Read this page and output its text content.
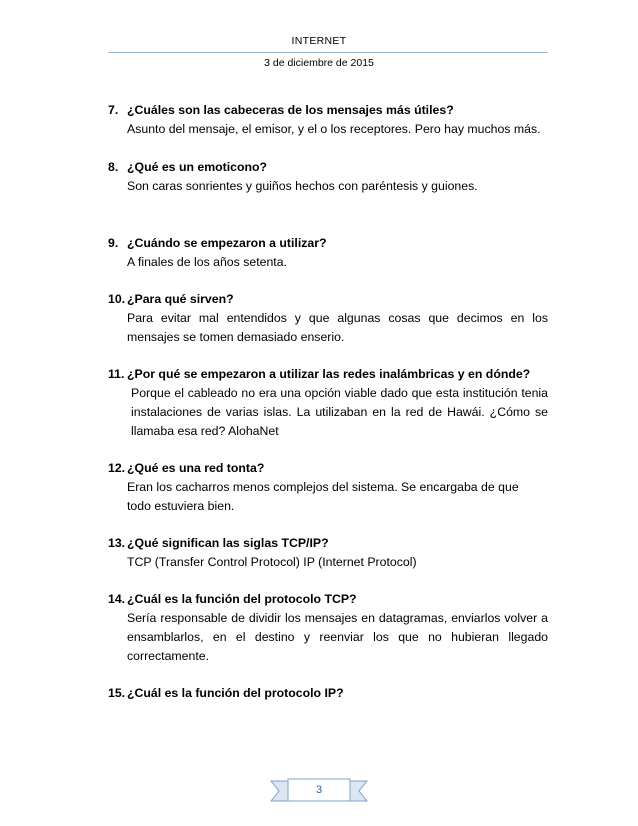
INTERNET
3 de diciembre de 2015
7. ¿Cuáles son las cabeceras de los mensajes más útiles?
Asunto del mensaje, el emisor, y el o los receptores. Pero hay muchos más.
8. ¿Qué es un emoticono?
Son caras sonrientes y guiños hechos con paréntesis y guiones.
9. ¿Cuándo se empezaron a utilizar?
A finales de los años setenta.
10. ¿Para qué sirven?
Para evitar mal entendidos y que algunas cosas que decimos en los mensajes se tomen demasiado enserio.
11. ¿Por qué se empezaron a utilizar las redes inalámbricas y en dónde?
Porque el cableado no era una opción viable dado que esta institución tenia instalaciones de varias islas. La utilizaban en la red de Hawái. ¿Cómo se llamaba esa red? AlohaNet
12. ¿Qué es una red tonta?
Eran los cacharros menos complejos del sistema. Se encargaba de que todo estuviera bien.
13. ¿Qué significan las siglas TCP/IP?
TCP (Transfer Control Protocol) IP (Internet Protocol)
14. ¿Cuál es la función del protocolo TCP?
Sería responsable de dividir los mensajes en datagramas, enviarlos volver a ensamblarlos, en el destino y reenviar los que no hubieran llegado correctamente.
15. ¿Cuál es la función del protocolo IP?
3
